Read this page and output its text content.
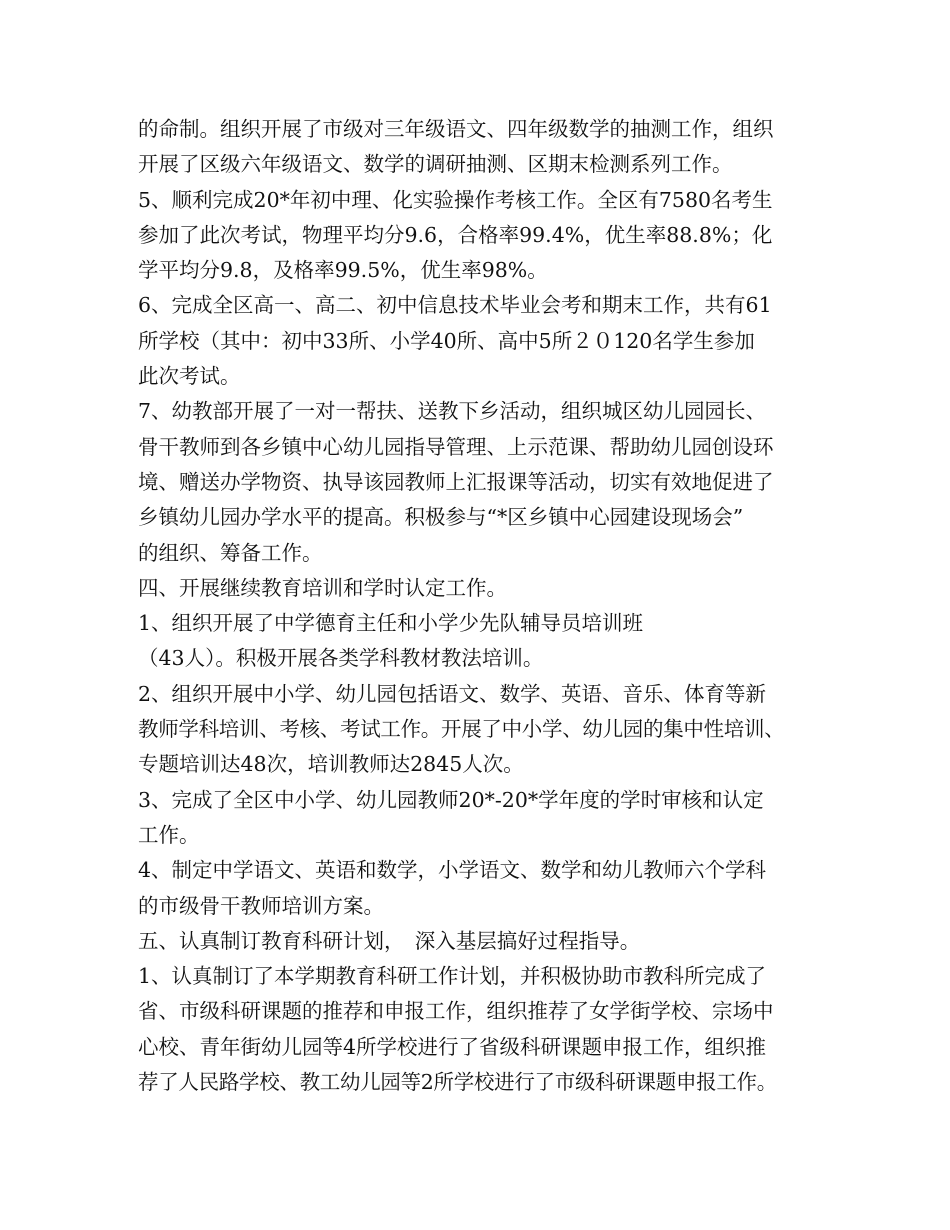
的命制。组织开展了市级对三年级语文、四年级数学的抽测工作，组织
开展了区级六年级语文、数学的调研抽测、区期末检测系列工作。
5、顺利完成20*年初中理、化实验操作考核工作。全区有7580名考生
参加了此次考试，物理平均分9.6，合格率99.4%，优生率88.8%；化
学平均分9.8，及格率99.5%，优生率98%。
6、完成全区高一、高二、初中信息技术毕业会考和期末工作，共有61
所学校（其中：初中33所、小学40所、高中5所２０120名学生参加
此次考试。
7、幼教部开展了一对一帮扶、送教下乡活动，组织城区幼儿园园长、
骨干教师到各乡镇中心幼儿园指导管理、上示范课、帮助幼儿园创设环
境、赠送办学物资、执导该园教师上汇报课等活动，切实有效地促进了
乡镇幼儿园办学水平的提高。积极参与“*区乡镇中心园建设现场会”
的组织、筹备工作。
四、开展继续教育培训和学时认定工作。
1、组织开展了中学德育主任和小学少先队辅导员培训班
（43人）。积极开展各类学科教材教法培训。
2、组织开展中小学、幼儿园包括语文、数学、英语、音乐、体育等新
教师学科培训、考核、考试工作。开展了中小学、幼儿园的集中性培训、
专题培训达48次，培训教师达2845人次。
3、完成了全区中小学、幼儿园教师20*-20*学年度的学时审核和认定
工作。
4、制定中学语文、英语和数学，小学语文、数学和幼儿教师六个学科
的市级骨干教师培训方案。
五、认真制订教育科研计划，　深入基层搞好过程指导。
1、认真制订了本学期教育科研工作计划，并积极协助市教科所完成了
省、市级科研课题的推荐和申报工作，组织推荐了女学街学校、宗场中
心校、青年街幼儿园等4所学校进行了省级科研课题申报工作，组织推
荐了人民路学校、教工幼儿园等2所学校进行了市级科研课题申报工作。
